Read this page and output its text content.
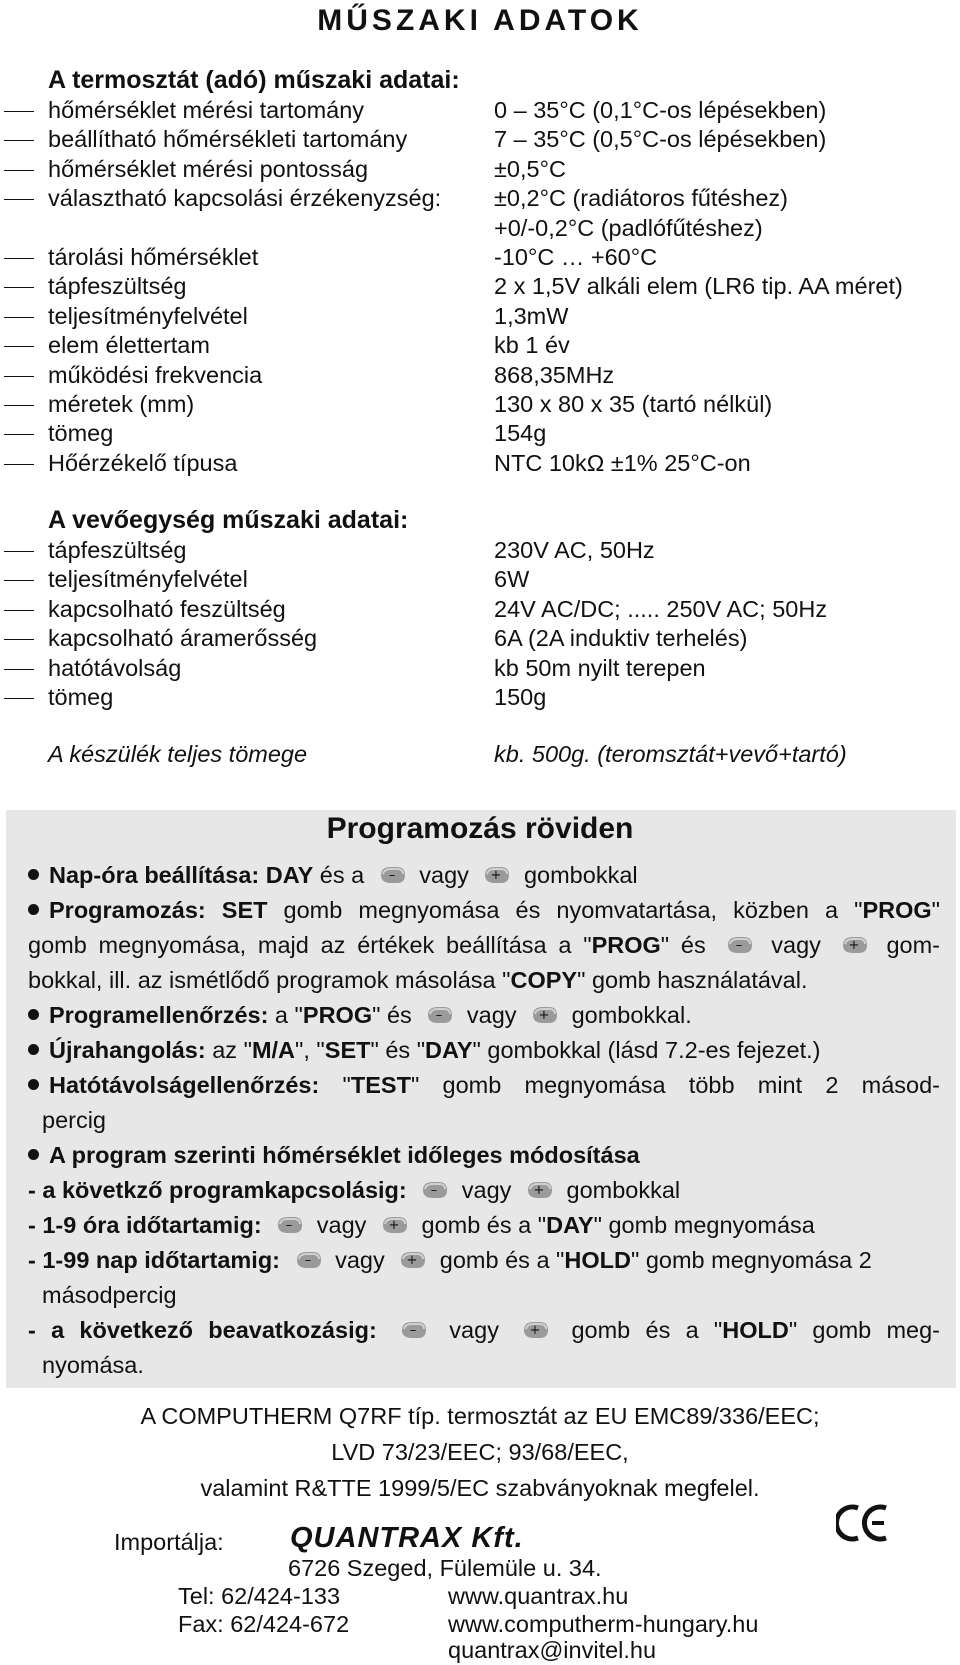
MŰSZAKI ADATOK
A termosztát (adó) műszaki adatai:
hőmérséklet mérési tartomány	0 – 35°C (0,1°C-os lépésekben)
beállítható hőmérsékleti tartomány	7 – 35°C (0,5°C-os lépésekben)
hőmérséklet mérési pontosság	±0,5°C
választható kapcsolási érzékenyzség: ±0,2°C (radiátoros fűtéshez)
+0/-0,2°C (padlófűtéshez)
tárolási hőmérséklet	-10°C … +60°C
tápfeszültség	2 x 1,5V alkáli elem (LR6 tip. AA méret)
teljesítményfelvétel	1,3mW
elem élettertam	kb 1 év
működési frekvencia	868,35MHz
méretek (mm)	130 x 80 x 35 (tartó nélkül)
tömeg	154g
Hőérzékelő típusa	NTC 10kΩ ±1% 25°C-on
A vevőegység műszaki adatai:
tápfeszültség	230V AC, 50Hz
teljesítményfelvétel	6W
kapcsolható feszültség	24V AC/DC; ..... 250V AC; 50Hz
kapcsolható áramerősség	6A (2A induktiv terhelés)
hatótávolság	kb 50m nyilt terepen
tömeg	150g
A készülék teljes tömege	kb. 500g. (teromsztát+vevő+tartó)
Programozás röviden
Nap-óra beállítása: DAY és a – vagy + gombokkal
Programozás: SET gomb megnyomása és nyomvatartása, közben a "PROG"
gomb megnyomása, majd az értékek beállítása a "PROG" és – vagy + gom-
bokkal, ill. az ismétlődő programok másolása "COPY" gomb használatával.
Programellenőrzés: a "PROG" és – vagy + gombokkal.
Újrahangolás: az "M/A", "SET" és "DAY" gombokkal (lásd 7.2-es fejezet.)
Hatótávolságellenőrzés: "TEST" gomb megnyomása több mint 2 másod-
percig
A program szerinti hőmérséklet időleges módosítása
- a követkző programkapcsolásig: – vagy + gombokkal
- 1-9 óra időtartamig: – vagy + gomb és a "DAY" gomb megnyomása
- 1-99 nap időtartamig: – vagy + gomb és a "HOLD" gomb megnyomása 2
másodpercig
- a következő beavatkozásig:	– vagy + gomb és a "HOLD" gomb meg-
nyomása.
A COMPUTHERM Q7RF típ. termosztát az EU EMC89/336/EEC;
LVD 73/23/EEC; 93/68/EEC,
valamint R&TTE 1999/5/EC szabványoknak megfelel.
Importálja: QUANTRAX Kft.
6726 Szeged, Fülemüle u. 34.
Tel: 62/424-133
Fax: 62/424-672
www.quantrax.hu
www.computherm-hungary.hu
quantrax@invitel.hu
